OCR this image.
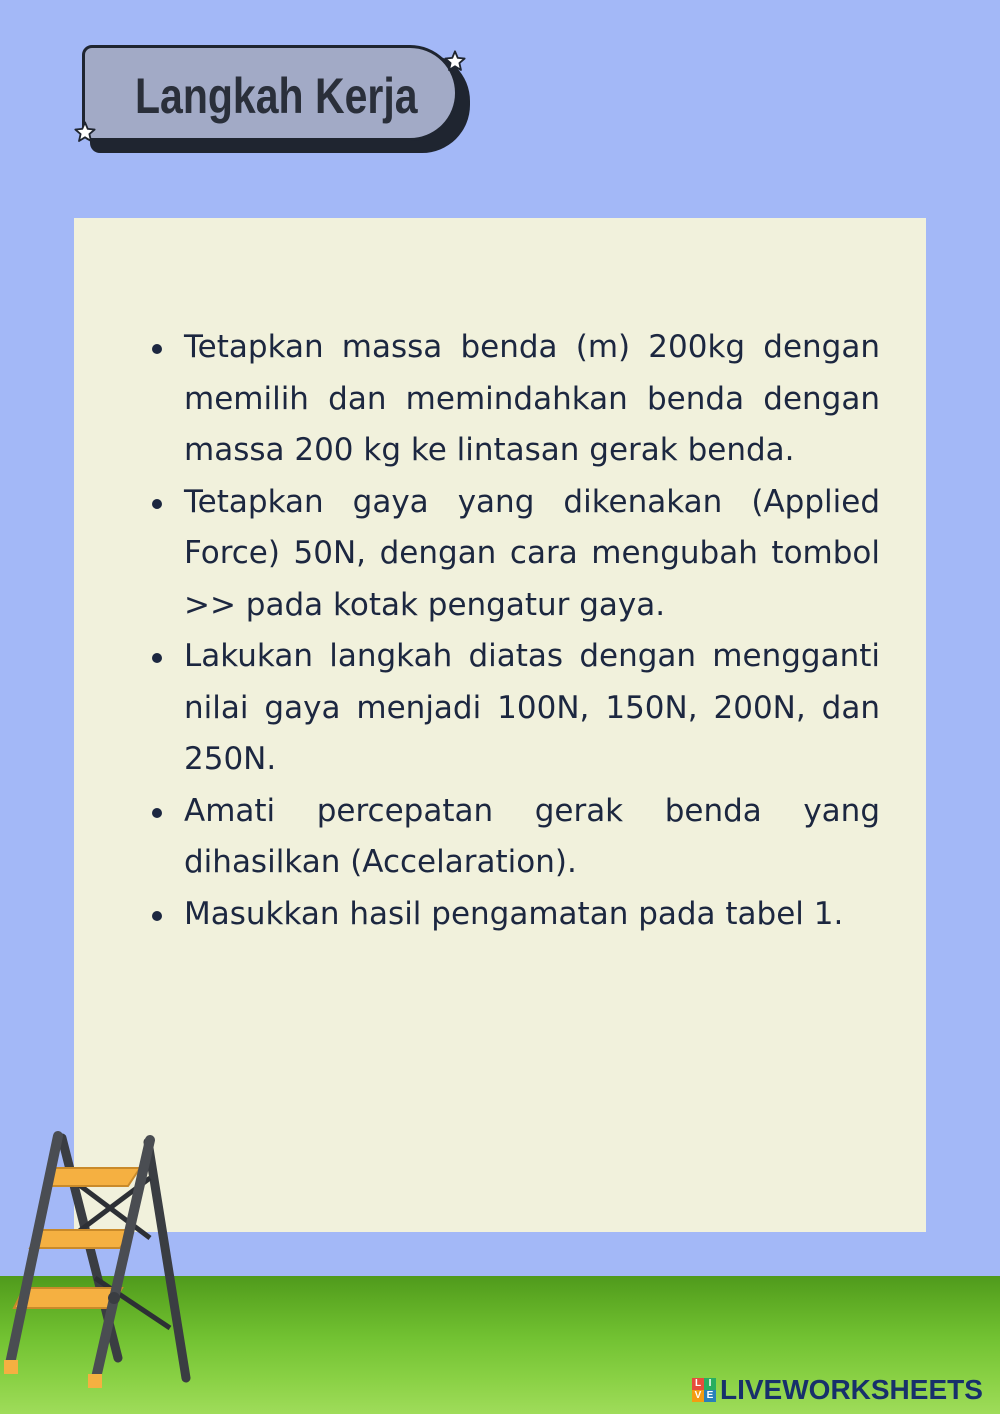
Langkah Kerja
Tetapkan massa benda (m) 200kg dengan memilih dan memindahkan benda dengan massa 200 kg ke lintasan gerak benda.
Tetapkan gaya yang dikenakan (Applied Force) 50N, dengan cara mengubah tombol >> pada kotak pengatur gaya.
Lakukan langkah diatas dengan mengganti nilai gaya menjadi 100N, 150N, 200N, dan 250N.
Amati percepatan gerak benda yang dihasilkan (Accelaration).
Masukkan hasil pengamatan pada tabel 1.
L I
V E LIVEWORKSHEETS
